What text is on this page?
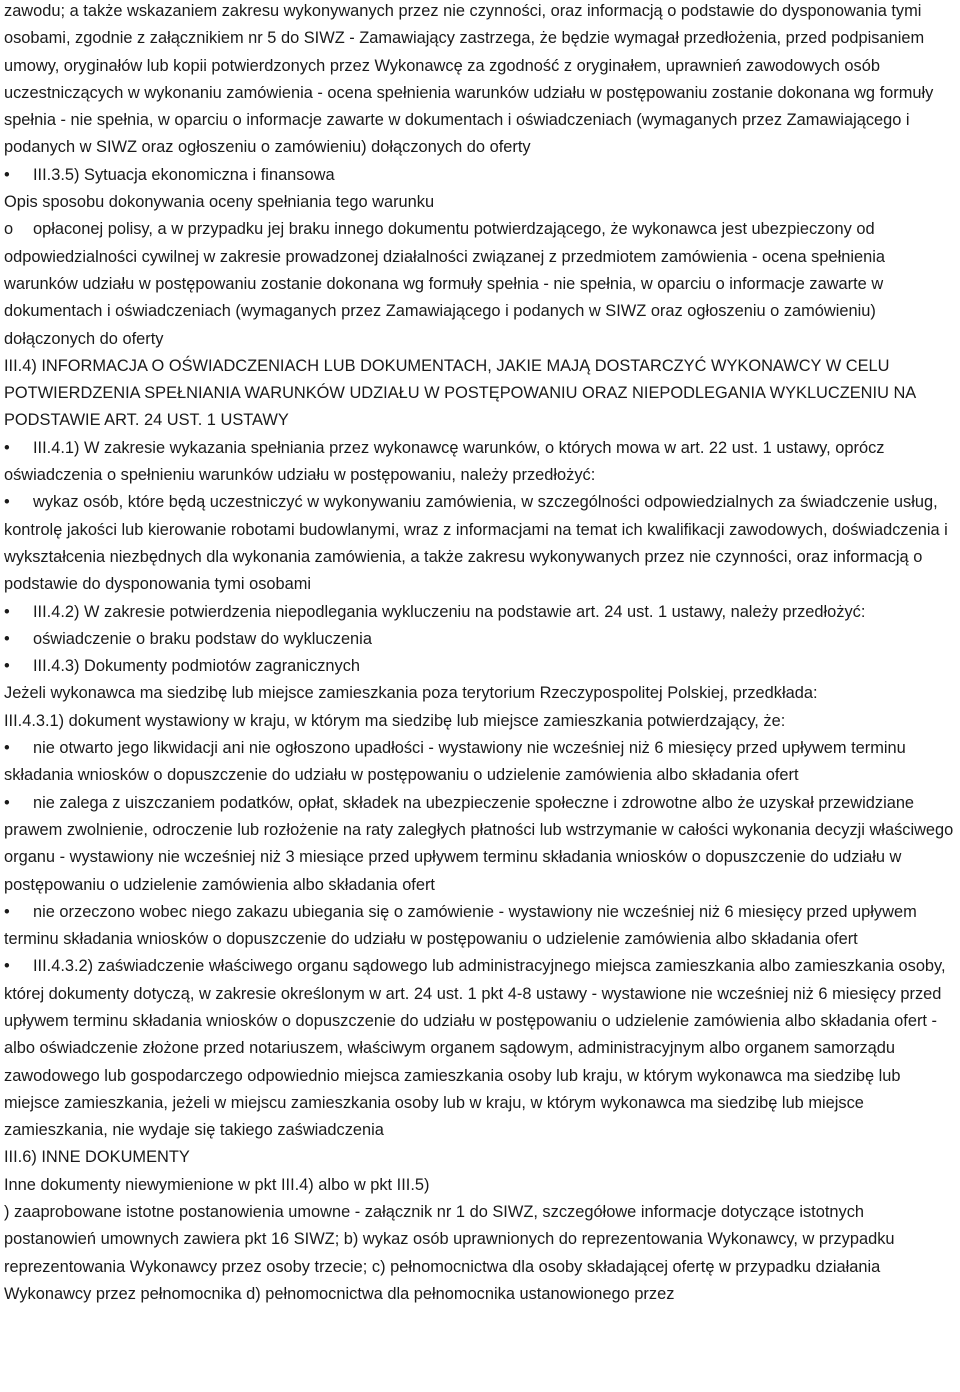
zawodu; a także wskazaniem zakresu wykonywanych przez nie czynności, oraz informacją o podstawie do dysponowania tymi osobami, zgodnie z załącznikiem nr 5 do SIWZ - Zamawiający zastrzega, że będzie wymagał przedłożenia, przed podpisaniem umowy, oryginałów lub kopii potwierdzonych przez Wykonawcę za zgodność z oryginałem, uprawnień zawodowych osób uczestniczących w wykonaniu zamówienia - ocena spełnienia warunków udziału w postępowaniu zostanie dokonana wg formuły spełnia - nie spełnia, w oparciu o informacje zawarte w dokumentach i oświadczeniach (wymaganych przez Zamawiającego i podanych w SIWZ oraz ogłoszeniu o zamówieniu) dołączonych do oferty

• III.3.5) Sytuacja ekonomiczna i finansowa

Opis sposobu dokonywania oceny spełniania tego warunku

o opłaconej polisy, a w przypadku jej braku innego dokumentu potwierdzającego, że wykonawca jest ubezpieczony od odpowiedzialności cywilnej w zakresie prowadzonej działalności związanej z przedmiotem zamówienia - ocena spełnienia warunków udziału w postępowaniu zostanie dokonana wg formuły spełnia - nie spełnia, w oparciu o informacje zawarte w dokumentach i oświadczeniach (wymaganych przez Zamawiającego i podanych w SIWZ oraz ogłoszeniu o zamówieniu) dołączonych do oferty

III.4) INFORMACJA O OŚWIADCZENIACH LUB DOKUMENTACH, JAKIE MAJĄ DOSTARCZYĆ WYKONAWCY W CELU POTWIERDZENIA SPEŁNIANIA WARUNKÓW UDZIAŁU W POSTĘPOWANIU ORAZ NIEPODLEGANIA WYKLUCZENIU NA PODSTAWIE ART. 24 UST. 1 USTAWY

• III.4.1) W zakresie wykazania spełniania przez wykonawcę warunków, o których mowa w art. 22 ust. 1 ustawy, oprócz oświadczenia o spełnieniu warunków udziału w postępowaniu, należy przedłożyć:

• wykaz osób, które będą uczestniczyć w wykonywaniu zamówienia, w szczególności odpowiedzialnych za świadczenie usług, kontrolę jakości lub kierowanie robotami budowlanymi, wraz z informacjami na temat ich kwalifikacji zawodowych, doświadczenia i wykształcenia niezbędnych dla wykonania zamówienia, a także zakresu wykonywanych przez nie czynności, oraz informacją o podstawie do dysponowania tymi osobami

• III.4.2) W zakresie potwierdzenia niepodlegania wykluczeniu na podstawie art. 24 ust. 1 ustawy, należy przedłożyć:

• oświadczenie o braku podstaw do wykluczenia

• III.4.3) Dokumenty podmiotów zagranicznych

Jeżeli wykonawca ma siedzibę lub miejsce zamieszkania poza terytorium Rzeczypospolitej Polskiej, przedkłada:

III.4.3.1) dokument wystawiony w kraju, w którym ma siedzibę lub miejsce zamieszkania potwierdzający, że:

• nie otwarto jego likwidacji ani nie ogłoszono upadłości - wystawiony nie wcześniej niż 6 miesięcy przed upływem terminu składania wniosków o dopuszczenie do udziału w postępowaniu o udzielenie zamówienia albo składania ofert

• nie zalega z uiszczaniem podatków, opłat, składek na ubezpieczenie społeczne i zdrowotne albo że uzyskał przewidziane prawem zwolnienie, odroczenie lub rozłożenie na raty zaległych płatności lub wstrzymanie w całości wykonania decyzji właściwego organu - wystawiony nie wcześniej niż 3 miesiące przed upływem terminu składania wniosków o dopuszczenie do udziału w postępowaniu o udzielenie zamówienia albo składania ofert

• nie orzeczono wobec niego zakazu ubiegania się o zamówienie - wystawiony nie wcześniej niż 6 miesięcy przed upływem terminu składania wniosków o dopuszczenie do udziału w postępowaniu o udzielenie zamówienia albo składania ofert

• III.4.3.2) zaświadczenie właściwego organu sądowego lub administracyjnego miejsca zamieszkania albo zamieszkania osoby, której dokumenty dotyczą, w zakresie określonym w art. 24 ust. 1 pkt 4-8 ustawy - wystawione nie wcześniej niż 6 miesięcy przed upływem terminu składania wniosków o dopuszczenie do udziału w postępowaniu o udzielenie zamówienia albo składania ofert - albo oświadczenie złożone przed notariuszem, właściwym organem sądowym, administracyjnym albo organem samorządu zawodowego lub gospodarczego odpowiednio miejsca zamieszkania osoby lub kraju, w którym wykonawca ma siedzibę lub miejsce zamieszkania, jeżeli w miejscu zamieszkania osoby lub w kraju, w którym wykonawca ma siedzibę lub miejsce zamieszkania, nie wydaje się takiego zaświadczenia

III.6) INNE DOKUMENTY

Inne dokumenty niewymienione w pkt III.4) albo w pkt III.5)

) zaaprobowane istotne postanowienia umowne - załącznik nr 1 do SIWZ, szczegółowe informacje dotyczące istotnych postanowień umownych zawiera pkt 16 SIWZ; b) wykaz osób uprawnionych do reprezentowania Wykonawcy, w przypadku reprezentowania Wykonawcy przez osoby trzecie; c) pełnomocnictwa dla osoby składającej ofertę w przypadku działania Wykonawcy przez pełnomocnika d) pełnomocnictwa dla pełnomocnika ustanowionego przez
